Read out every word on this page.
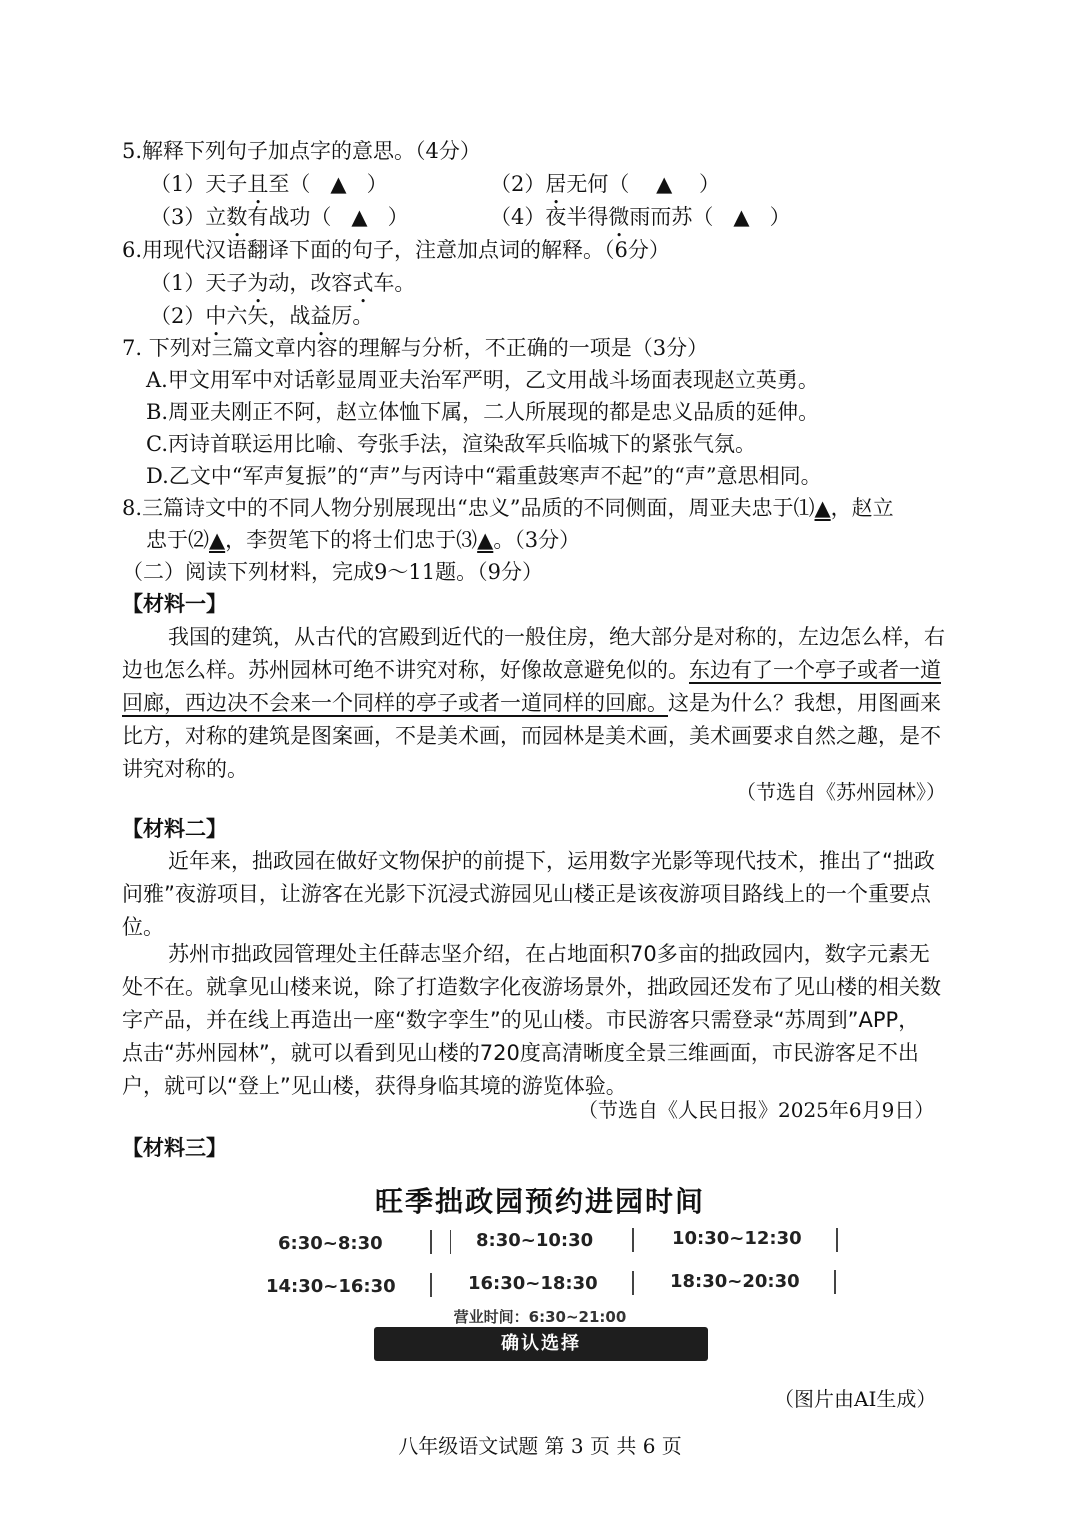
5.解释下列句子加点字的意思。（4分）
（1）天子且至（ ▲ ）	（2）居无何（ ▲ ）
（3）立数有战功（ ▲ ）	（4）夜半得微雨而苏（ ▲ ）
6.用现代汉语翻译下面的句子，注意加点词的解释。（6分）
（1）天子为动，改容式车。
（2）中六矢，战益厉。
7. 下列对三篇文章内容的理解与分析，不正确的一项是（3分）
A.甲文用军中对话彰显周亚夫治军严明，乙文用战斗场面表现赵立英勇。
B.周亚夫刚正不阿，赵立体恤下属，二人所展现的都是忠义品质的延伸。
C.丙诗首联运用比喻、夸张手法，渲染敌军兵临城下的紧张气氛。
D.乙文中“军声复振”的“声”与丙诗中“霜重鼓寒声不起”的“声”意思相同。
8.三篇诗文中的不同人物分别展现出“忠义”品质的不同侧面，周亚夫忠于⑴▲，赵立
忠于⑵▲，李贺笔下的将士们忠于⑶▲。（3分）
（二）阅读下列材料，完成9～11题。（9分）
【材料一】
我国的建筑，从古代的宫殿到近代的一般住房，绝大部分是对称的，左边怎么样，右
边也怎么样。苏州园林可绝不讲究对称，好像故意避免似的。东边有了一个亭子或者一道
回廊，西边决不会来一个同样的亭子或者一道同样的回廊。这是为什么？我想，用图画来
比方，对称的建筑是图案画，不是美术画，而园林是美术画，美术画要求自然之趣，是不
讲究对称的。
（节选自《苏州园林》）
【材料二】
近年来，拙政园在做好文物保护的前提下，运用数字光影等现代技术，推出了“拙政
问雅”夜游项目，让游客在光影下沉浸式游园见山楼正是该夜游项目路线上的一个重要点
位。
苏州市拙政园管理处主任薛志坚介绍，在占地面积70多亩的拙政园内，数字元素无
处不在。就拿见山楼来说，除了打造数字化夜游场景外，拙政园还发布了见山楼的相关数
字产品，并在线上再造出一座“数字孪生”的见山楼。市民游客只需登录“苏周到”APP，
点击“苏州园林”，就可以看到见山楼的720度高清晰度全景三维画面，市民游客足不出
户，就可以“登上”见山楼，获得身临其境的游览体验。
（节选自《人民日报》2025年6月9日）
【材料三】
旺季拙政园预约进园时间
6:30~8:30	8:30~10:30	10:30~12:30
14:30~16:30	16:30~18:30	18:30~20:30
营业时间：6:30~21:00
确认选择
（图片由AI生成）
八年级语文试题 第 3 页 共 6 页
